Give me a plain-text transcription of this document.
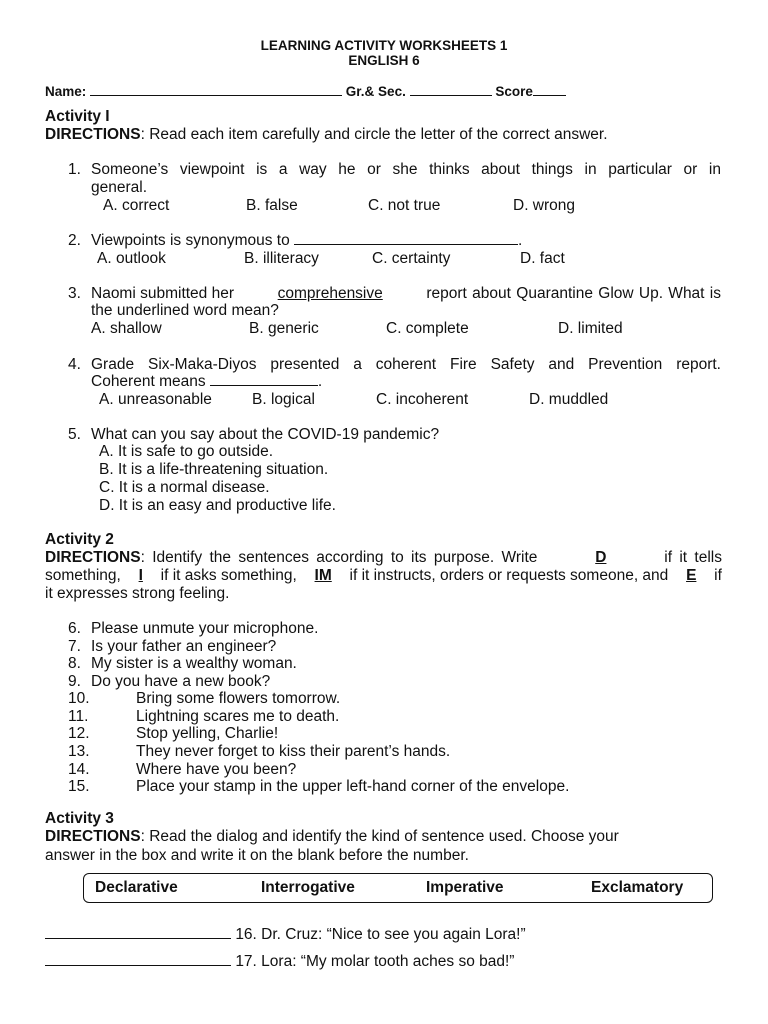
LEARNING ACTIVITY WORKSHEETS 1
ENGLISH 6
Name:	Gr.& Sec.	Score
Activity I
DIRECTIONS: Read each item carefully and circle the letter of the correct answer.
1. Someone’s viewpoint is a way he or she thinks about things in particular or in
general.
A. correct	B. false	C. not true	D. wrong
2. Viewpoints is synonymous to	.
A. outlook	B. illiteracy	C. certainty	D. fact
3. Naomi submitted her	comprehensive	report about Quarantine Glow Up. What is
the underlined word mean?
A. shallow	B. generic	C. complete	D. limited
4. Grade Six-Maka-Diyos presented a coherent Fire Safety and Prevention report.
Coherent means	.
A. unreasonable	B. logical	C. incoherent	D. muddled
5. What can you say about the COVID-19 pandemic?
A. It is safe to go outside.
B. It is a life-threatening situation.
C. It is a normal disease.
D. It is an easy and productive life.
Activity 2
DIRECTIONS: Identify the sentences according to its purpose. Write	D	if it tells
something, I if it asks something, IM if it instructs, orders or requests someone, and E if
it expresses strong feeling.
6. Please unmute your microphone.
7. Is your father an engineer?
8. My sister is a wealthy woman.
9. Do you have a new book?
10.	Bring some flowers tomorrow.
11.	Lightning scares me to death.
12.	Stop yelling, Charlie!
13.	They never forget to kiss their parent’s hands.
14.	Where have you been?
15.	Place your stamp in the upper left-hand corner of the envelope.
Activity 3
DIRECTIONS: Read the dialog and identify the kind of sentence used. Choose your
answer in the box and write it on the blank before the number.
Declarative	Interrogative	Imperative	Exclamatory
16. Dr. Cruz: “Nice to see you again Lora!”
17. Lora: “My molar tooth aches so bad!”
